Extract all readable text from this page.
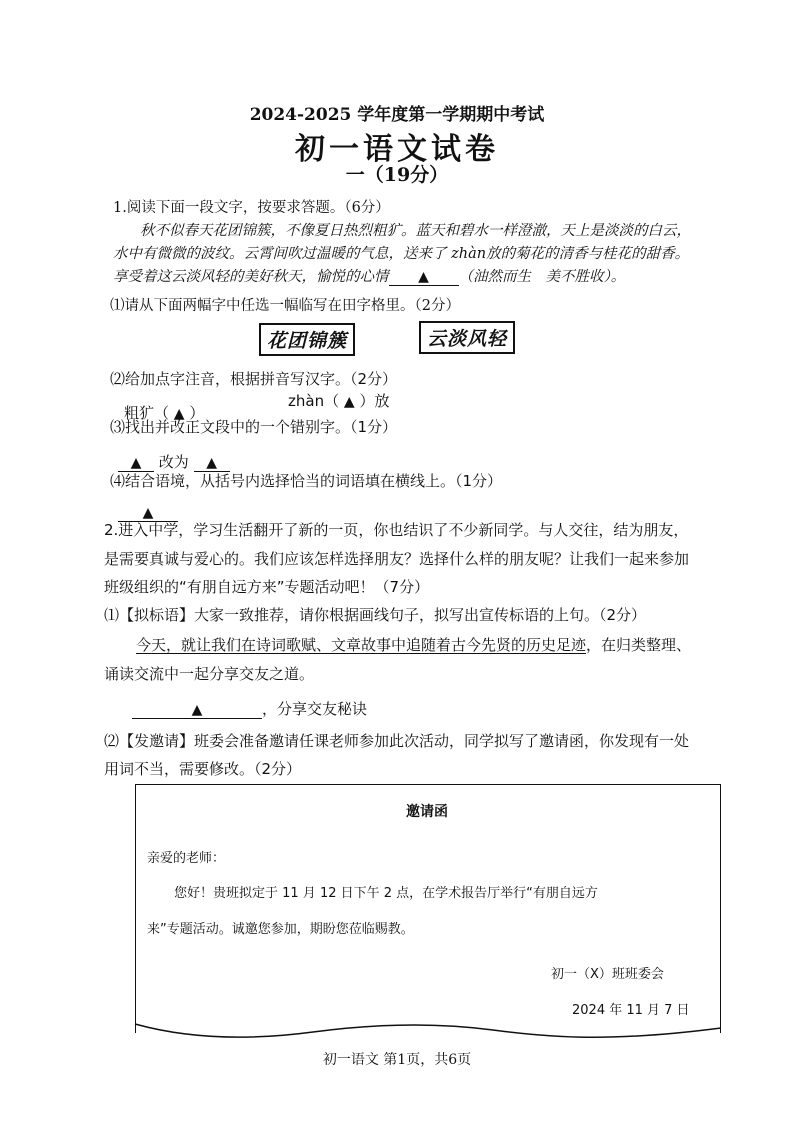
2024-2025 学年度第一学期期中考试
初一语文试卷
一（19分）
1.阅读下面一段文字，按要求答题。（6分）
秋不似春天花团锦簇，不像夏日热烈粗犷。蓝天和碧水一样澄澈，天上是淡淡的白云，
水中有微微的波纹。云霄间吹过温暖的气息，送来了 zhàn放的菊花的清香与桂花的甜香。
享受着这云淡风轻的美好秋天，愉悦的心情 ▲ （油然而生　美不胜收）。
⑴请从下面两幅字中任选一幅临写在田字格里。（2分）
花团锦簇	云淡风轻
⑵给加点字注音，根据拼音写汉字。（2分）
zhàn（ ▲ ）放
粗犷（ ▲ ）
⑶找出并改正文段中的一个错别字。（1分）
▲ 改为 ▲
⑷结合语境，从括号内选择恰当的词语填在横线上。（1分）
▲
2.进入中学，学习生活翻开了新的一页，你也结识了不少新同学。与人交往，结为朋友，
是需要真诚与爱心的。我们应该怎样选择朋友？选择什么样的朋友呢？让我们一起来参加
班级组织的“有朋自远方来”专题活动吧！（7分）
⑴【拟标语】大家一致推荐，请你根据画线句子，拟写出宣传标语的上句。（2分）
今天，就让我们在诗词歌赋、文章故事中追随着古今先贤的历史足迹，在归类整理、
诵读交流中一起分享交友之道。
▲	，分享交友秘诀
⑵【发邀请】班委会准备邀请任课老师参加此次活动，同学拟写了邀请函，你发现有一处
用词不当，需要修改。（2分）
邀请函
亲爱的老师：
您好！贵班拟定于 11 月 12 日下午 2 点，在学术报告厅举行“有朋自远方
来”专题活动。诚邀您参加，期盼您莅临赐教。
初一（X）班班委会
2024 年 11 月 7 日
初一语文 第1页，共6页
